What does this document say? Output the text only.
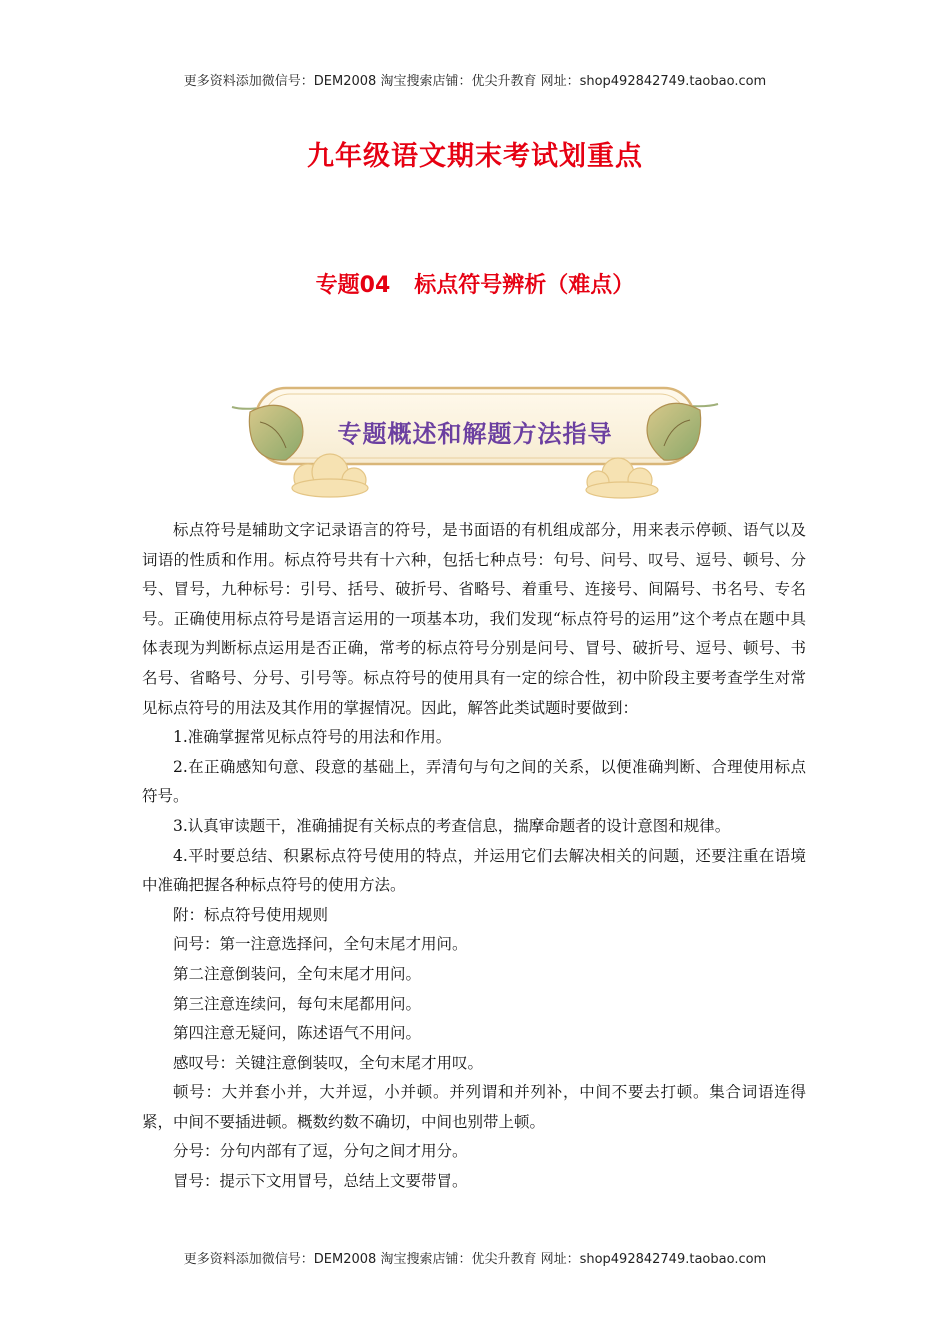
更多资料添加微信号：DEM2008 淘宝搜索店铺：优尖升教育 网址：shop492842749.taobao.com
九年级语文期末考试划重点
专题04 标点符号辨析（难点）
专题概述和解题方法指导

标点符号是辅助文字记录语言的符号，是书面语的有机组成部分，用来表示停顿、语气以及词语的性质和作用。标点符号共有十六种，包括七种点号：句号、问号、叹号、逗号、顿号、分号、冒号，九种标号：引号、括号、破折号、省略号、着重号、连接号、间隔号、书名号、专名号。正确使用标点符号是语言运用的一项基本功，我们发现“标点符号的运用”这个考点在题中具体表现为判断标点运用是否正确，常考的标点符号分别是问号、冒号、破折号、逗号、顿号、书名号、省略号、分号、引号等。标点符号的使用具有一定的综合性，初中阶段主要考查学生对常见标点符号的用法及其作用的掌握情况。因此，解答此类试题时要做到：

1.准确掌握常见标点符号的用法和作用。

2.在正确感知句意、段意的基础上，弄清句与句之间的关系，以便准确判断、合理使用标点符号。

3.认真审读题干，准确捕捉有关标点的考查信息，揣摩命题者的设计意图和规律。

4.平时要总结、积累标点符号使用的特点，并运用它们去解决相关的问题，还要注重在语境中准确把握各种标点符号的使用方法。

附：标点符号使用规则

问号：第一注意选择问，全句末尾才用问。

第二注意倒装问，全句末尾才用问。

第三注意连续问，每句末尾都用问。

第四注意无疑问，陈述语气不用问。

感叹号：关键注意倒装叹，全句末尾才用叹。

顿号：大并套小并，大并逗，小并顿。并列谓和并列补，中间不要去打顿。集合词语连得紧，中间不要插进顿。概数约数不确切，中间也别带上顿。

分号：分句内部有了逗，分句之间才用分。

冒号：提示下文用冒号，总结上文要带冒。

更多资料添加微信号：DEM2008 淘宝搜索店铺：优尖升教育 网址：shop492842749.taobao.com
